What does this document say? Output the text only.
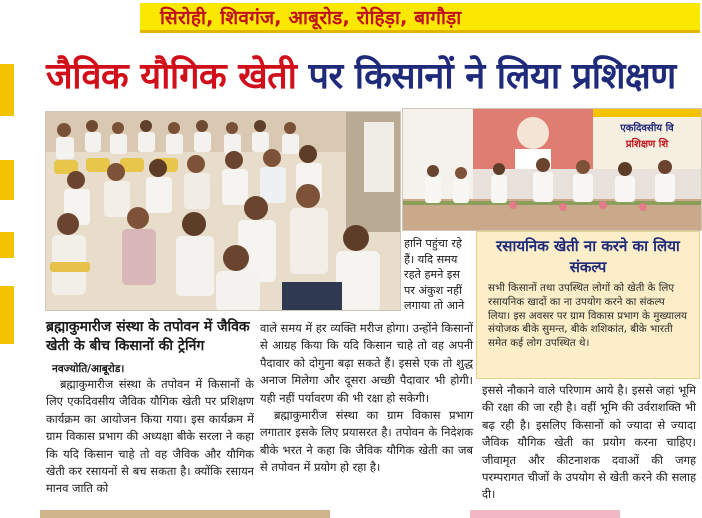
सिरोही, शिवगंज, आबूरोड, रोहिड़ा, बागौड़ा
जैविक यौगिक खेती पर किसानों ने लिया प्रशिक्षण
एकदिवसीय वि
प्रशिक्षण शि
ब्रह्माकुमारीज संस्था के तपोवन में जैविक खेती के बीच किसानों की ट्रेनिंग
नवज्योति/आबूरोड।

ब्रह्माकुमारीज संस्था के तपोवन में किसानों के लिए एकदिवसीय जैविक यौगिक खेती पर प्रशिक्षण कार्यक्रम का आयोजन किया गया। इस कार्यक्रम में ग्राम विकास प्रभाग की अध्यक्षा बीके सरला ने कहा कि यदि किसान चाहे तो वह जैविक और यौगिक खेती कर रसायनों से बच सकता है। क्योंकि रसायन मानव जाति को

हानि पहुंचा रहे हैं। यदि समय रहते हमने इस पर अंकुश नहीं लगाया तो आने

वाले समय में हर व्यक्ति मरीज होगा। उन्होंने किसानों से आग्रह किया कि यदि किसान चाहे तो वह अपनी पैदावार को दोगुना बढ़ा सकते हैं। इससे एक तो शुद्ध अनाज मिलेगा और दूसरा अच्छी पैदावार भी होगी। यही नहीं पर्यावरण की भी रक्षा हो सकेगी।

ब्रह्माकुमारीज संस्था का ग्राम विकास प्रभाग लगातार इसके लिए प्रयासरत है। तपोवन के निदेशक बीके भरत ने कहा कि जैविक यौगिक खेती का जब से तपोवन में प्रयोग हो रहा है।

रसायनिक खेती ना करने का लिया संकल्प
सभी किसानों तथा उपस्थित लोगों को खेती के लिए रसायनिक खादों का ना उपयोग करने का संकल्प लिया। इस अवसर पर ग्राम विकास प्रभाग के मुख्यालय संयोजक बीके सुमन्त, बीके शशिकांत, बीके भारती समेत कई लोग उपस्थित थे।

इससे नौकाने वाले परिणाम आये है। इससे जहां भूमि की रक्षा की जा रही है। वहीं भूमि की उर्वराशक्ति भी बढ़ रही है। इसलिए किसानों को ज्यादा से ज्यादा जैविक यौगिक खेती का प्रयोग करना चाहिए। जीवामृत और कीटनाशक दवाओं की जगह परम्परागत चीजों के उपयोग से खेती करने की सलाह दी।
